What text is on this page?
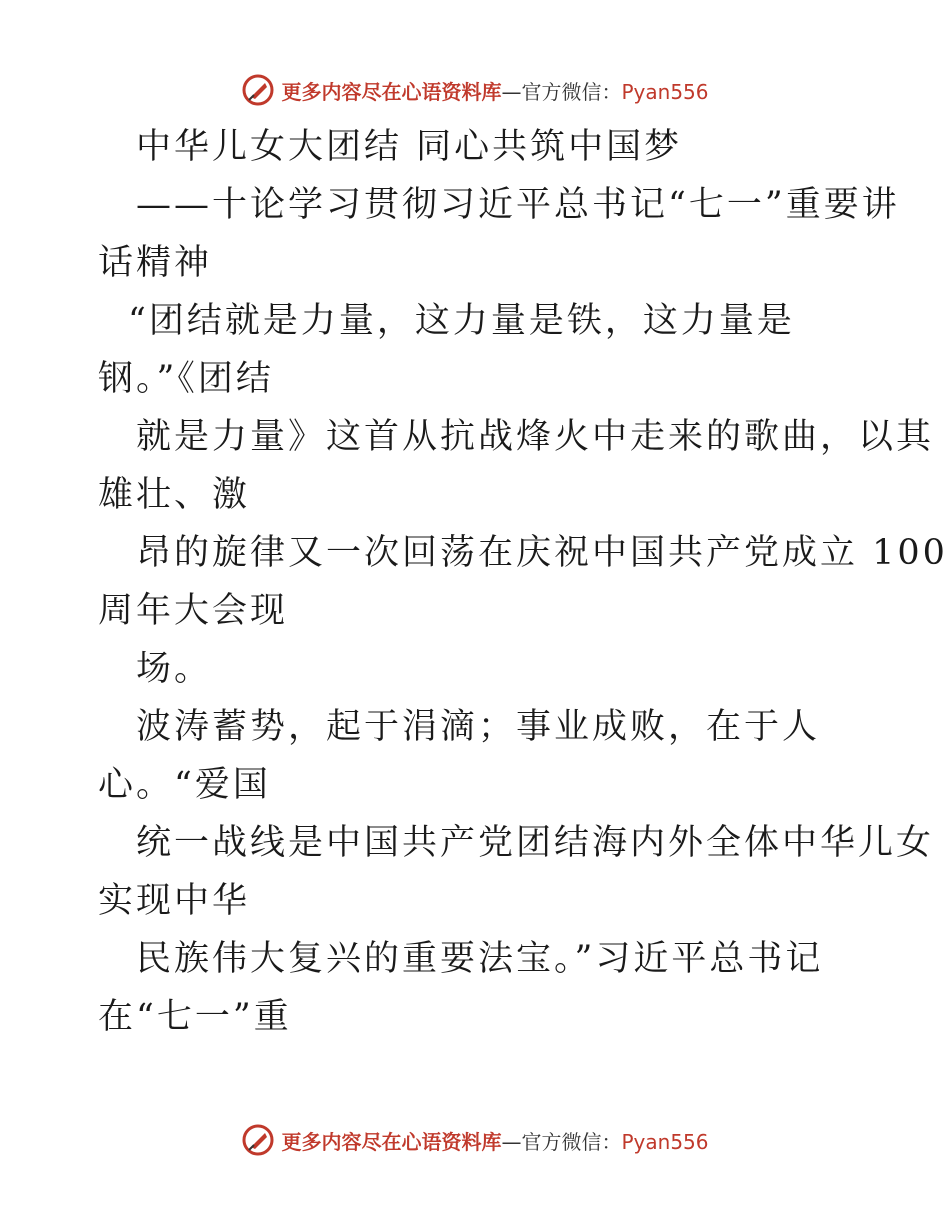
更多内容尽在心语资料库—官方微信：Pyan556
中华儿女大团结 同心共筑中国梦
——十论学习贯彻习近平总书记“七一”重要讲
话精神
“团结就是力量，这力量是铁，这力量是
钢。”《团结
就是力量》这首从抗战烽火中走来的歌曲，以其
雄壮、激
昂的旋律又一次回荡在庆祝中国共产党成立 100
周年大会现
场。
波涛蓄势，起于涓滴；事业成败，在于人
心。“爱国
统一战线是中国共产党团结海内外全体中华儿女
实现中华
民族伟大复兴的重要法宝。”习近平总书记
在“七一”重
更多内容尽在心语资料库—官方微信：Pyan556
